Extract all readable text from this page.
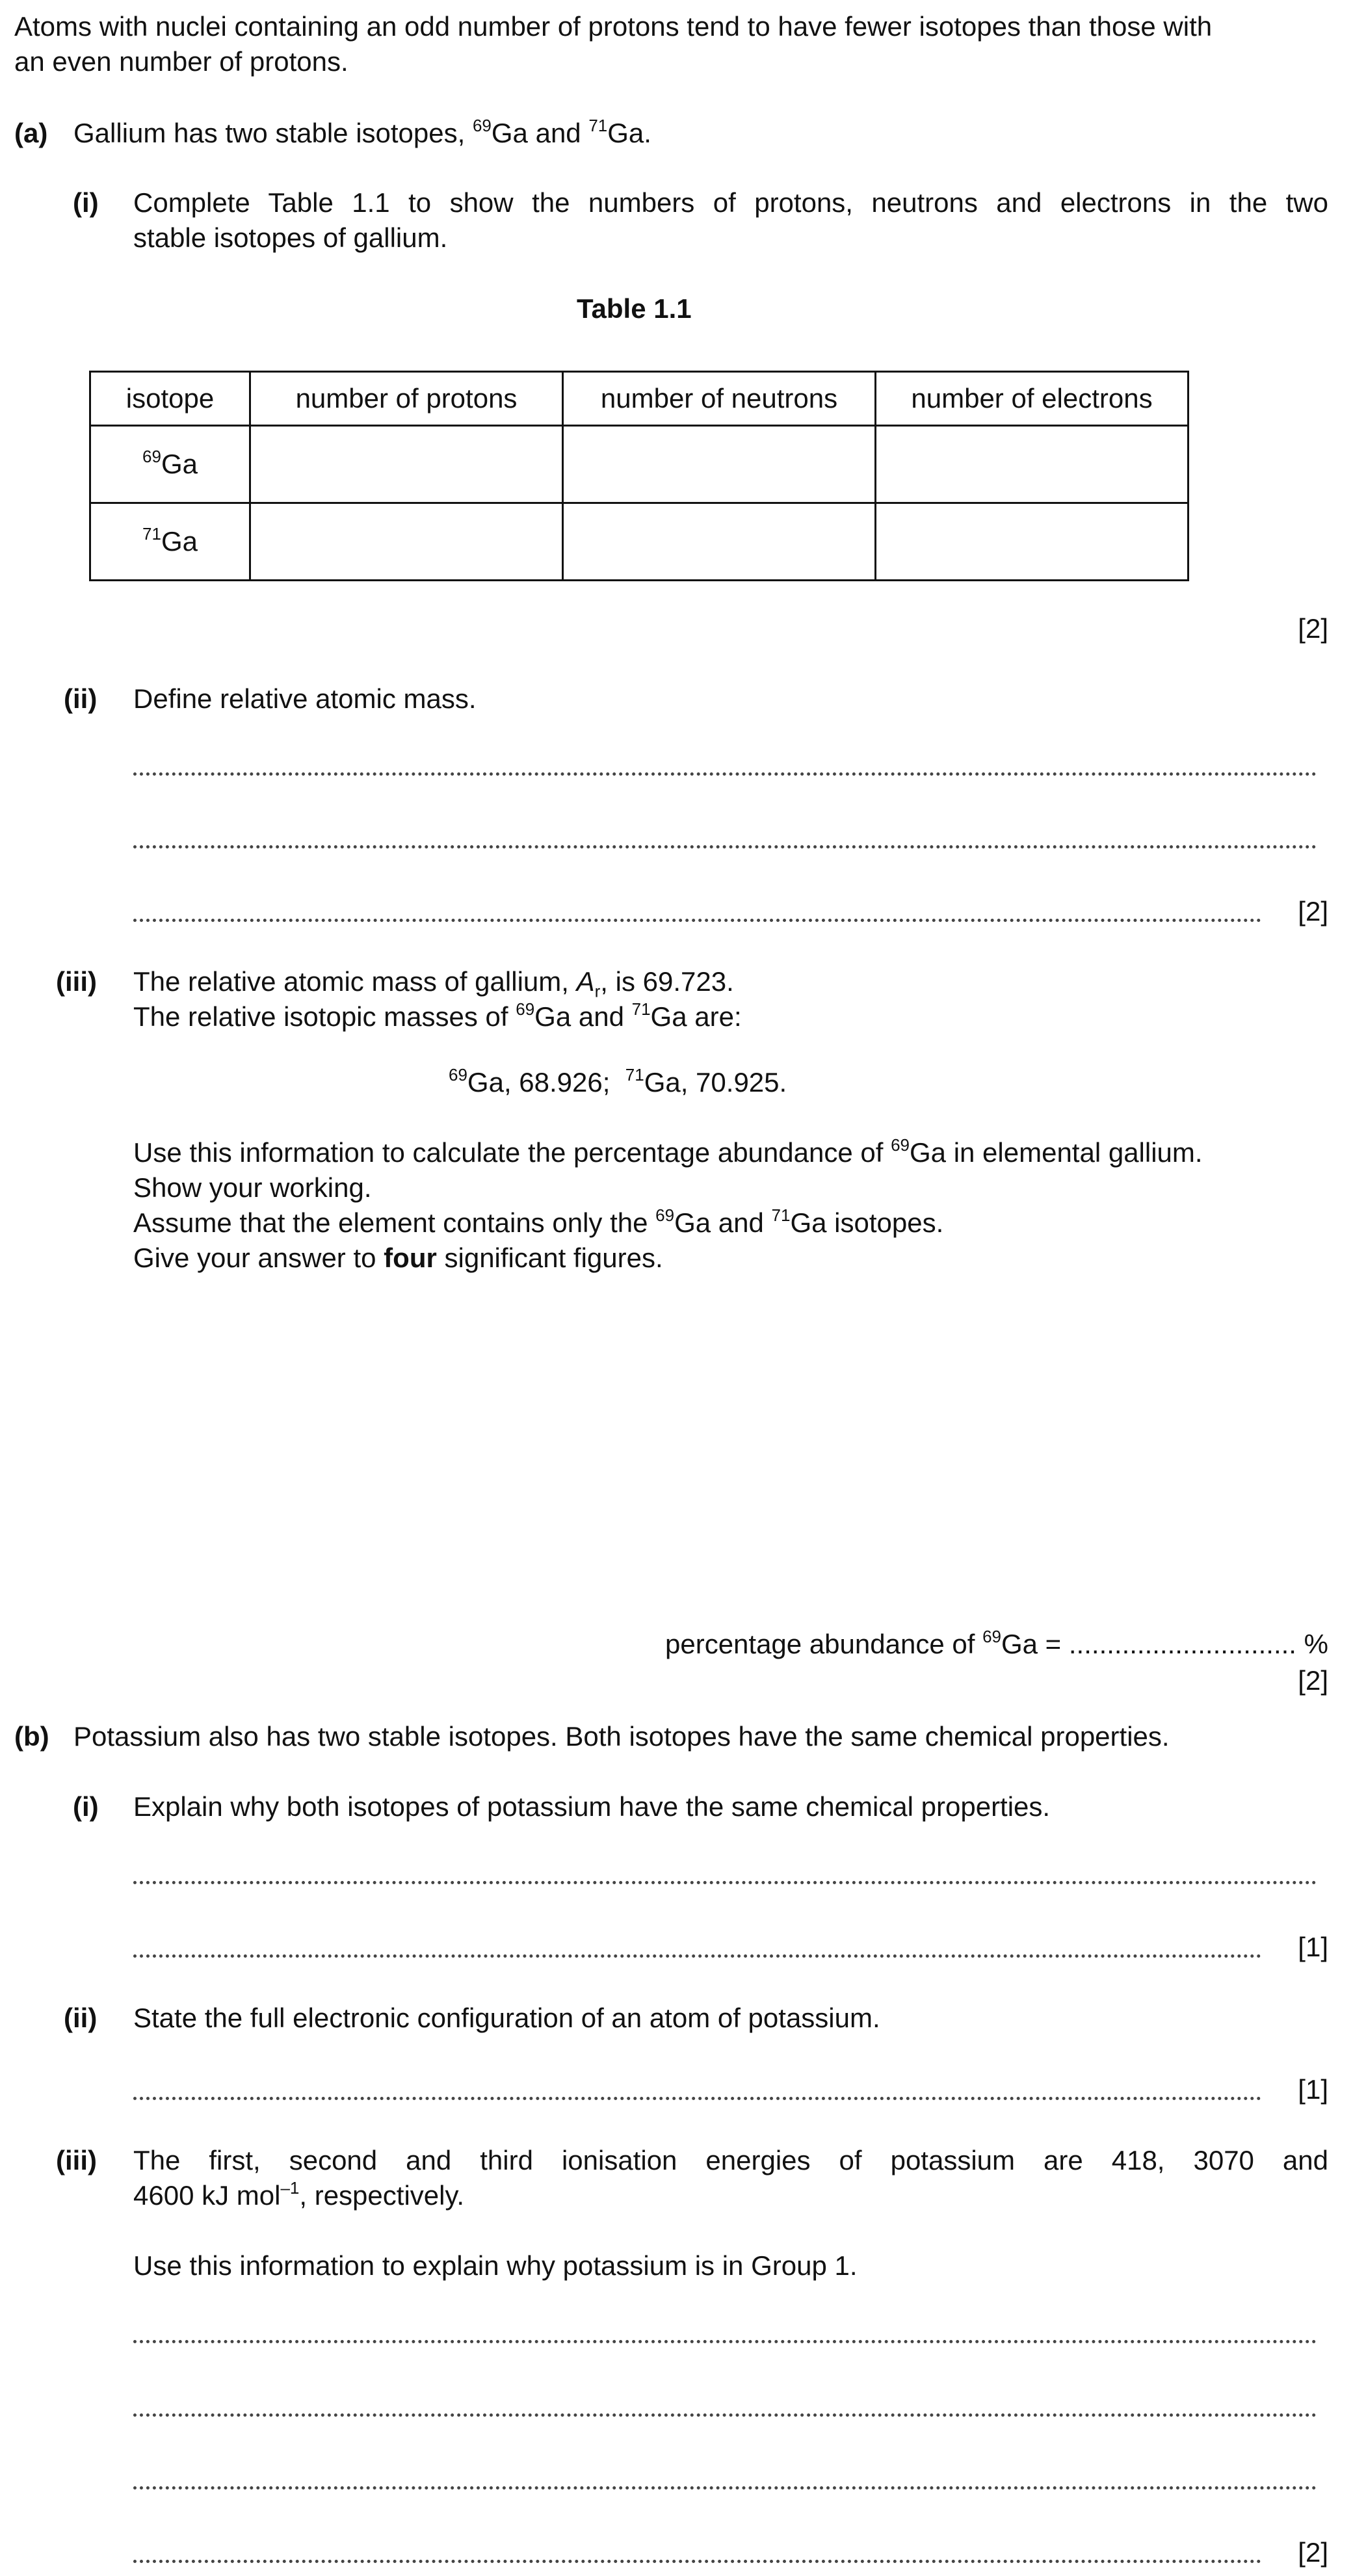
Atoms with nuclei containing an odd number of protons tend to have fewer isotopes than those with
an even number of protons.
(a) Gallium has two stable isotopes, $^{69}$Ga and $^{71}$Ga.
(i) Complete Table 1.1 to show the numbers of protons, neutrons and electrons in the two
stable isotopes of gallium.
Table 1.1
isotope	number of protons	number of neutrons	number of electrons
$^{69}$Ga			
$^{71}$Ga			
[2]
(ii) Define relative atomic mass.
[2]
(iii) The relative atomic mass of gallium, $A_r$, is 69.723.
The relative isotopic masses of $^{69}$Ga and $^{71}$Ga are:
$^{69}$Ga, 68.926; $^{71}$Ga, 70.925.
Use this information to calculate the percentage abundance of $^{69}$Ga in elemental gallium.
Show your working.
Assume that the element contains only the $^{69}$Ga and $^{71}$Ga isotopes.
Give your answer to four significant figures.
percentage abundance of $^{69}$Ga = .............................. %
[2]
(b) Potassium also has two stable isotopes. Both isotopes have the same chemical properties.
(i) Explain why both isotopes of potassium have the same chemical properties.
[1]
(ii) State the full electronic configuration of an atom of potassium.
[1]
(iii) The first, second and third ionisation energies of potassium are 418, 3070 and
4600 kJ mol$^{-1}$, respectively.
Use this information to explain why potassium is in Group 1.
[2]
